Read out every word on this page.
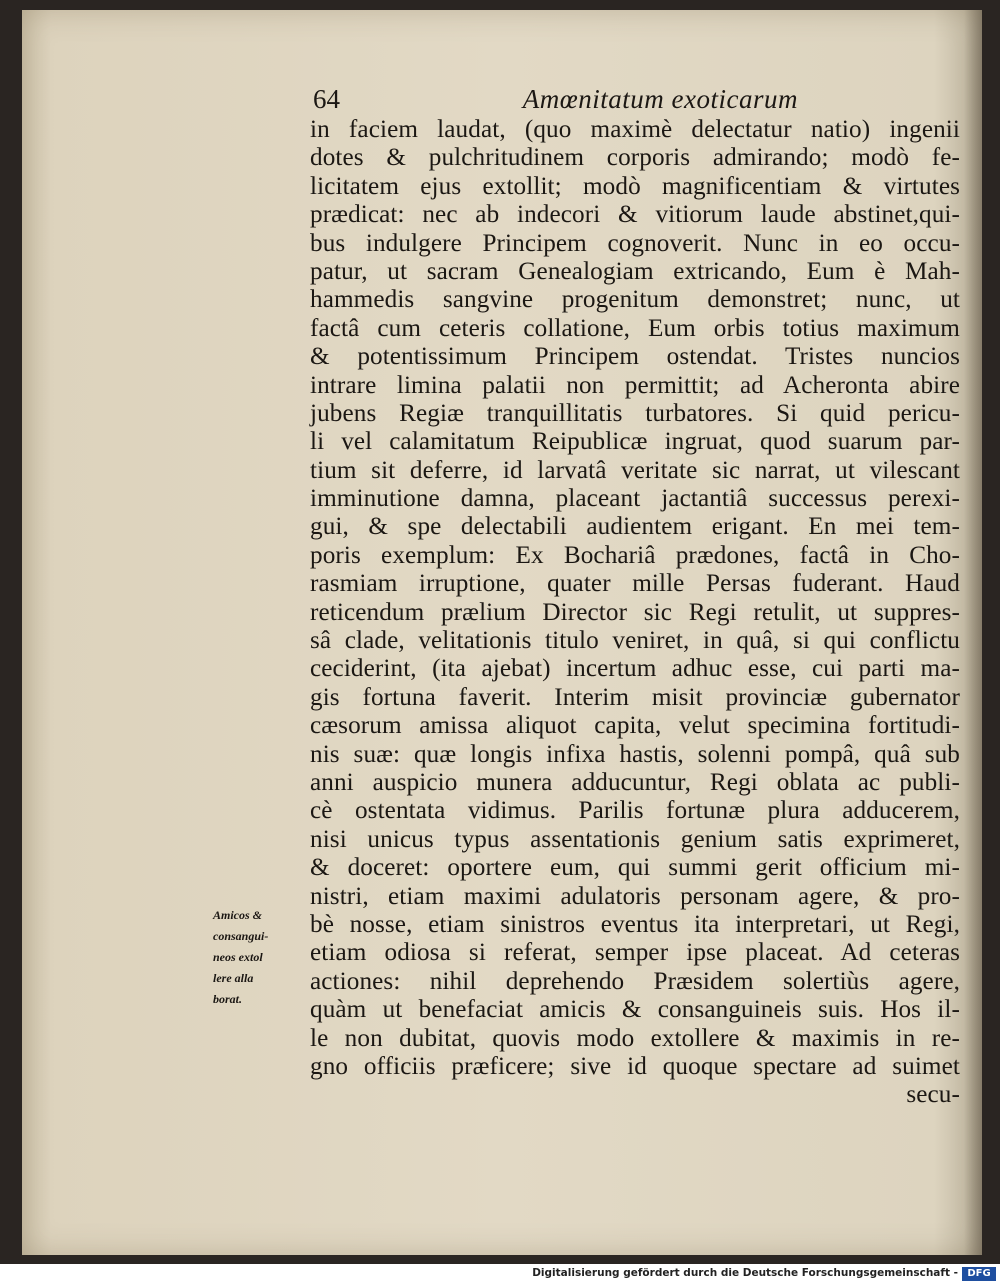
64	Amœnitatum exoticarum
in faciem laudat, (quo maximè delectatur natio) ingenii
dotes & pulchritudinem corporis admirando; modò fe-
licitatem ejus extollit; modò magnificentiam & virtutes
prædicat: nec ab indecori & vitiorum laude abstinet,qui-
bus indulgere Principem cognoverit. Nunc in eo occu-
patur, ut sacram Genealogiam extricando, Eum è Mah-
hammedis sangvine progenitum demonstret; nunc, ut
factâ cum ceteris collatione, Eum orbis totius maximum
& potentissimum Principem ostendat. Tristes nuncios
intrare limina palatii non permittit; ad Acheronta abire
jubens Regiæ tranquillitatis turbatores. Si quid pericu-
li vel calamitatum Reipublicæ ingruat, quod suarum par-
tium sit deferre, id larvatâ veritate sic narrat, ut vilescant
imminutione damna, placeant jactantiâ successus perexi-
gui, & spe delectabili audientem erigant. En mei tem-
poris exemplum: Ex Bochariâ prædones, factâ in Cho-
rasmiam irruptione, quater mille Persas fuderant. Haud
reticendum prælium Director sic Regi retulit, ut suppres-
sâ clade, velitationis titulo veniret, in quâ, si qui conflictu
ceciderint, (ita ajebat) incertum adhuc esse, cui parti ma-
gis fortuna faverit. Interim misit provinciæ gubernator
cæsorum amissa aliquot capita, velut specimina fortitudi-
nis suæ: quæ longis infixa hastis, solenni pompâ, quâ sub
anni auspicio munera adducuntur, Regi oblata ac publi-
cè ostentata vidimus. Parilis fortunæ plura adducerem,
nisi unicus typus assentationis genium satis exprimeret,
& doceret: oportere eum, qui summi gerit officium mi-
nistri, etiam maximi adulatoris personam agere, & pro-
bè nosse, etiam sinistros eventus ita interpretari, ut Regi,
etiam odiosa si referat, semper ipse placeat. Ad ceteras
actiones: nihil deprehendo Præsidem solertiùs agere,
quàm ut benefaciat amicis & consanguineis suis. Hos il-
le non dubitat, quovis modo extollere & maximis in re-
gno officiis præficere; sive id quoque spectare ad suimet
secu-
Amicos &
consangui-
neos extol
lere alla
borat.
Digitalisierung gefördert durch die Deutsche Forschungsgemeinschaft - DFG
